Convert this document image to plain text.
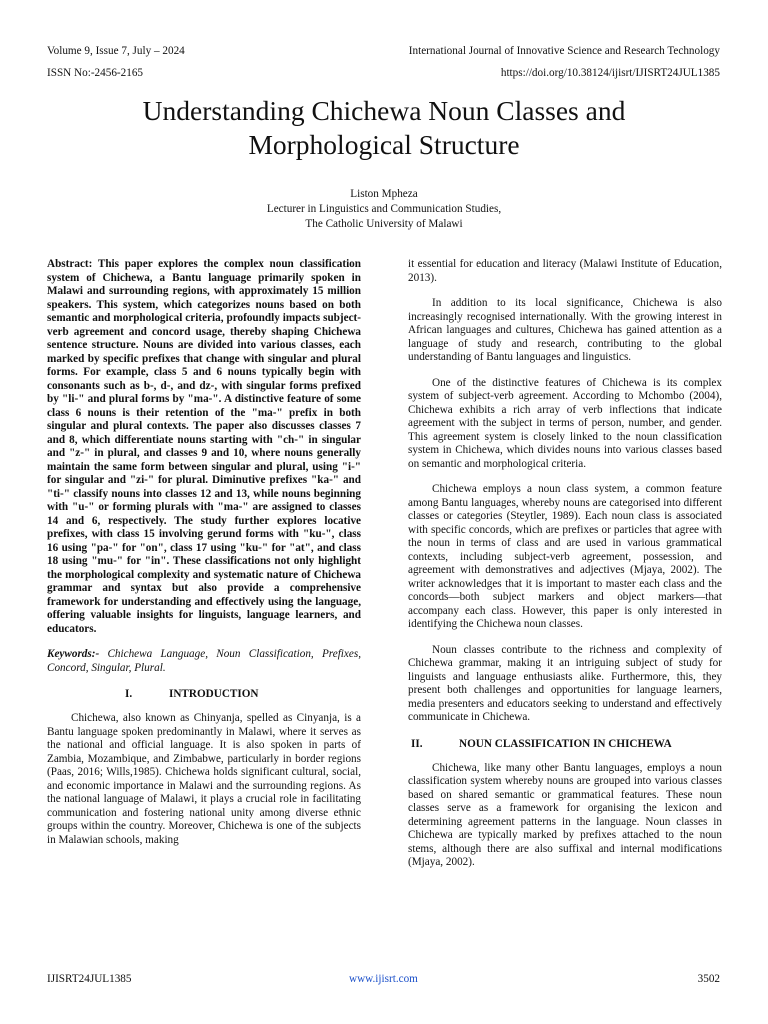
Volume 9, Issue 7, July – 2024
ISSN No:-2456-2165
International Journal of Innovative Science and Research Technology
https://doi.org/10.38124/ijisrt/IJISRT24JUL1385
Understanding Chichewa Noun Classes and
Morphological Structure
Liston Mpheza
Lecturer in Linguistics and Communication Studies,
The Catholic University of Malawi

Abstract: This paper explores the complex noun classification system of Chichewa, a Bantu language primarily spoken in Malawi and surrounding regions, with approximately 15 million speakers. This system, which categorizes nouns based on both semantic and morphological criteria, profoundly impacts subject-verb agreement and concord usage, thereby shaping Chichewa sentence structure. Nouns are divided into various classes, each marked by specific prefixes that change with singular and plural forms. For example, class 5 and 6 nouns typically begin with consonants such as b-, d-, and dz-, with singular forms prefixed by "li-" and plural forms by "ma-". A distinctive feature of some class 6 nouns is their retention of the "ma-" prefix in both singular and plural contexts. The paper also discusses classes 7 and 8, which differentiate nouns starting with "ch-" in singular and "z-" in plural, and classes 9 and 10, where nouns generally maintain the same form between singular and plural, using "i-" for singular and "zi-" for plural. Diminutive prefixes "ka-" and "ti-" classify nouns into classes 12 and 13, while nouns beginning with "u-" or forming plurals with "ma-" are assigned to classes 14 and 6, respectively. The study further explores locative prefixes, with class 15 involving gerund forms with "ku-", class 16 using "pa-" for "on", class 17 using "ku-" for "at", and class 18 using "mu-" for "in". These classifications not only highlight the morphological complexity and systematic nature of Chichewa grammar and syntax but also provide a comprehensive framework for understanding and effectively using the language, offering valuable insights for linguists, language learners, and educators.

Keywords:- Chichewa Language, Noun Classification, Prefixes, Concord, Singular, Plural.

I.	INTRODUCTION

Chichewa, also known as Chinyanja, spelled as Cinyanja, is a Bantu language spoken predominantly in Malawi, where it serves as the national and official language. It is also spoken in parts of Zambia, Mozambique, and Zimbabwe, particularly in border regions (Paas, 2016; Wills,1985). Chichewa holds significant cultural, social, and economic importance in Malawi and the surrounding regions. As the national language of Malawi, it plays a crucial role in facilitating communication and fostering national unity among diverse ethnic groups within the country. Moreover, Chichewa is one of the subjects in Malawian schools, making

it essential for education and literacy (Malawi Institute of Education, 2013).

In addition to its local significance, Chichewa is also increasingly recognised internationally. With the growing interest in African languages and cultures, Chichewa has gained attention as a language of study and research, contributing to the global understanding of Bantu languages and linguistics.

One of the distinctive features of Chichewa is its complex system of subject-verb agreement. According to Mchombo (2004), Chichewa exhibits a rich array of verb inflections that indicate agreement with the subject in terms of person, number, and gender. This agreement system is closely linked to the noun classification system in Chichewa, which divides nouns into various classes based on semantic and morphological criteria.

Chichewa employs a noun class system, a common feature among Bantu languages, whereby nouns are categorised into different classes or categories (Steytler, 1989). Each noun class is associated with specific concords, which are prefixes or particles that agree with the noun in terms of class and are used in various grammatical contexts, including subject-verb agreement, possession, and agreement with demonstratives and adjectives (Mjaya, 2002). The writer acknowledges that it is important to master each class and the concords—both subject markers and object markers—that accompany each class. However, this paper is only interested in identifying the Chichewa noun classes.

Noun classes contribute to the richness and complexity of Chichewa grammar, making it an intriguing subject of study for linguists and language enthusiasts alike. Furthermore, this, they present both challenges and opportunities for language learners, media presenters and educators seeking to understand and effectively communicate in Chichewa.

II.	NOUN CLASSIFICATION IN CHICHEWA

Chichewa, like many other Bantu languages, employs a noun classification system whereby nouns are grouped into various classes based on shared semantic or grammatical features. These noun classes serve as a framework for organising the lexicon and determining agreement patterns in the language. Noun classes in Chichewa are typically marked by prefixes attached to the noun stems, although there are also suffixal and internal modifications (Mjaya, 2002).

IJISRT24JUL1385	www.ijisrt.com	3502
